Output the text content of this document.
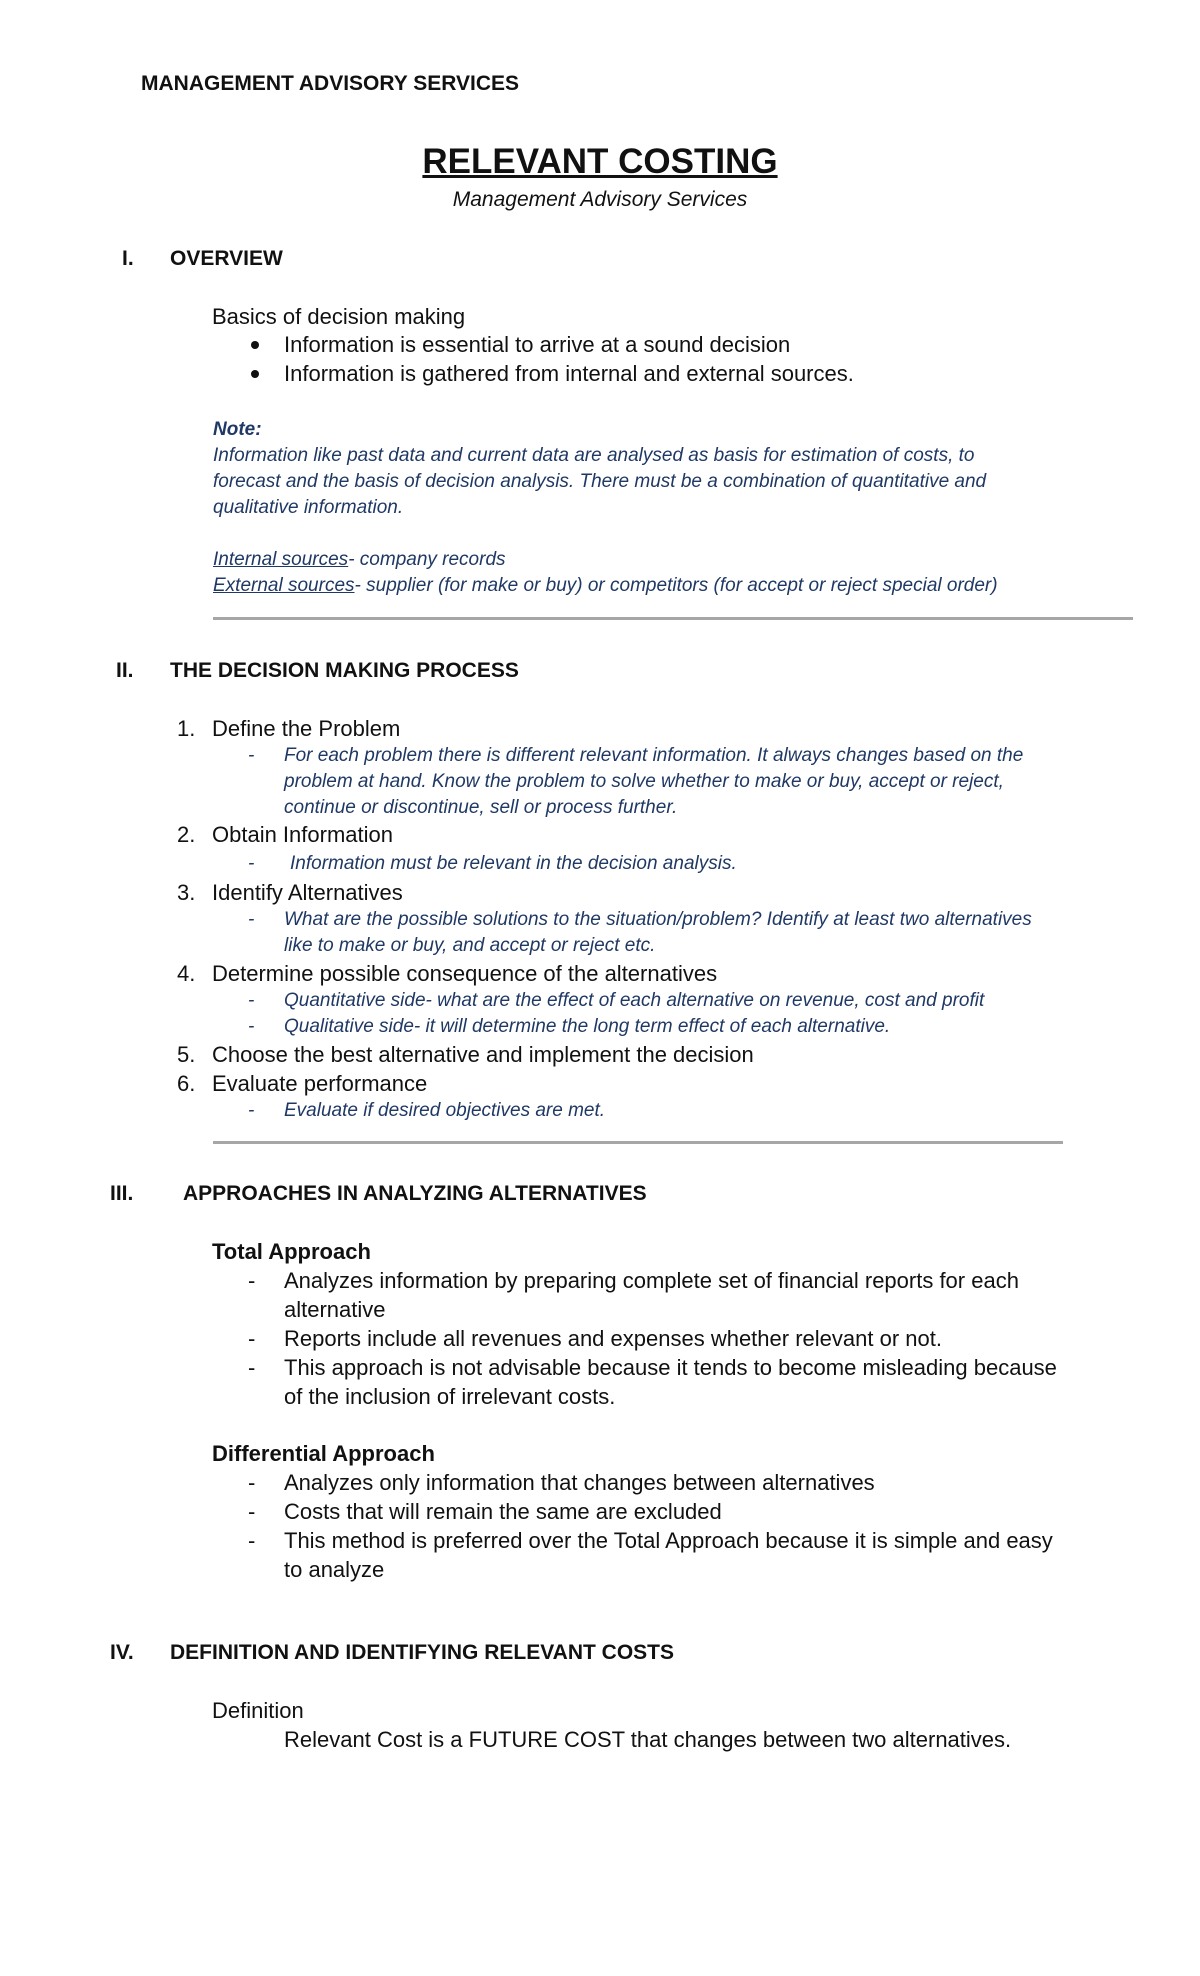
MANAGEMENT ADVISORY SERVICES
RELEVANT COSTING
Management Advisory Services
I. OVERVIEW
Basics of decision making
Information is essential to arrive at a sound decision
Information is gathered from internal and external sources.
Note:
Information like past data and current data are analysed as basis for estimation of costs, to
forecast and the basis of decision analysis. There must be a combination of quantitative and
qualitative information.
Internal sources- company records
External sources- supplier (for make or buy) or competitors (for accept or reject special order)
II. THE DECISION MAKING PROCESS
1. Define the Problem
- For each problem there is different relevant information. It always changes based on the
problem at hand. Know the problem to solve whether to make or buy, accept or reject,
continue or discontinue, sell or process further.
2. Obtain Information
- Information must be relevant in the decision analysis.
3. Identify Alternatives
- What are the possible solutions to the situation/problem? Identify at least two alternatives
like to make or buy, and accept or reject etc.
4. Determine possible consequence of the alternatives
- Quantitative side- what are the effect of each alternative on revenue, cost and profit
- Qualitative side- it will determine the long term effect of each alternative.
5. Choose the best alternative and implement the decision
6. Evaluate performance
- Evaluate if desired objectives are met.
III. APPROACHES IN ANALYZING ALTERNATIVES
Total Approach
- Analyzes information by preparing complete set of financial reports for each
alternative
- Reports include all revenues and expenses whether relevant or not.
- This approach is not advisable because it tends to become misleading because
of the inclusion of irrelevant costs.
Differential Approach
- Analyzes only information that changes between alternatives
- Costs that will remain the same are excluded
- This method is preferred over the Total Approach because it is simple and easy
to analyze
IV. DEFINITION AND IDENTIFYING RELEVANT COSTS
Definition
Relevant Cost is a FUTURE COST that changes between two alternatives.
